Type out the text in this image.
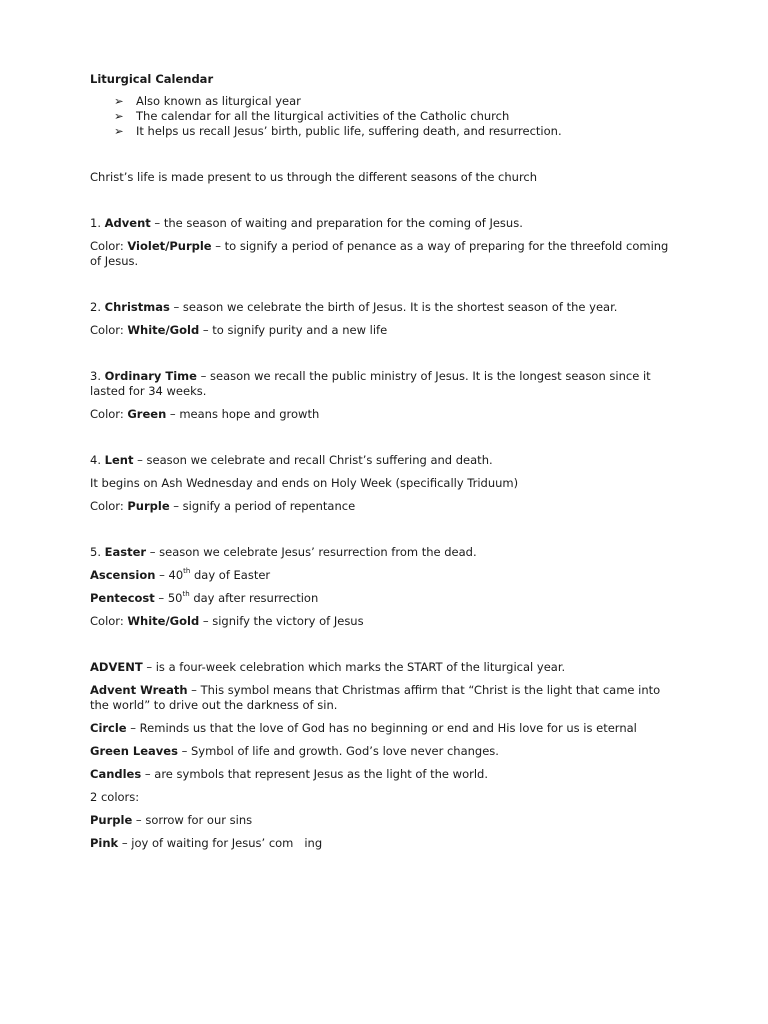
Liturgical Calendar

➢ Also known as liturgical year
➢ The calendar for all the liturgical activities of the Catholic church
➢ It helps us recall Jesus’ birth, public life, suffering death, and resurrection.

Christ’s life is made present to us through the different seasons of the church

1. Advent – the season of waiting and preparation for the coming of Jesus.

Color: Violet/Purple – to signify a period of penance as a way of preparing for the threefold coming of Jesus.

2. Christmas – season we celebrate the birth of Jesus. It is the shortest season of the year.

Color: White/Gold – to signify purity and a new life

3. Ordinary Time – season we recall the public ministry of Jesus. It is the longest season since it lasted for 34 weeks.

Color: Green – means hope and growth

4. Lent – season we celebrate and recall Christ’s suffering and death.

It begins on Ash Wednesday and ends on Holy Week (specifically Triduum)

Color: Purple – signify a period of repentance

5. Easter – season we celebrate Jesus’ resurrection from the dead.

Ascension – 40th day of Easter

Pentecost – 50th day after resurrection

Color: White/Gold – signify the victory of Jesus

ADVENT – is a four-week celebration which marks the START of the liturgical year.

Advent Wreath – This symbol means that Christmas affirm that “Christ is the light that came into the world” to drive out the darkness of sin.

Circle – Reminds us that the love of God has no beginning or end and His love for us is eternal

Green Leaves – Symbol of life and growth. God’s love never changes.

Candles – are symbols that represent Jesus as the light of the world.

2 colors:

Purple – sorrow for our sins

Pink – joy of waiting for Jesus’ com   ing
